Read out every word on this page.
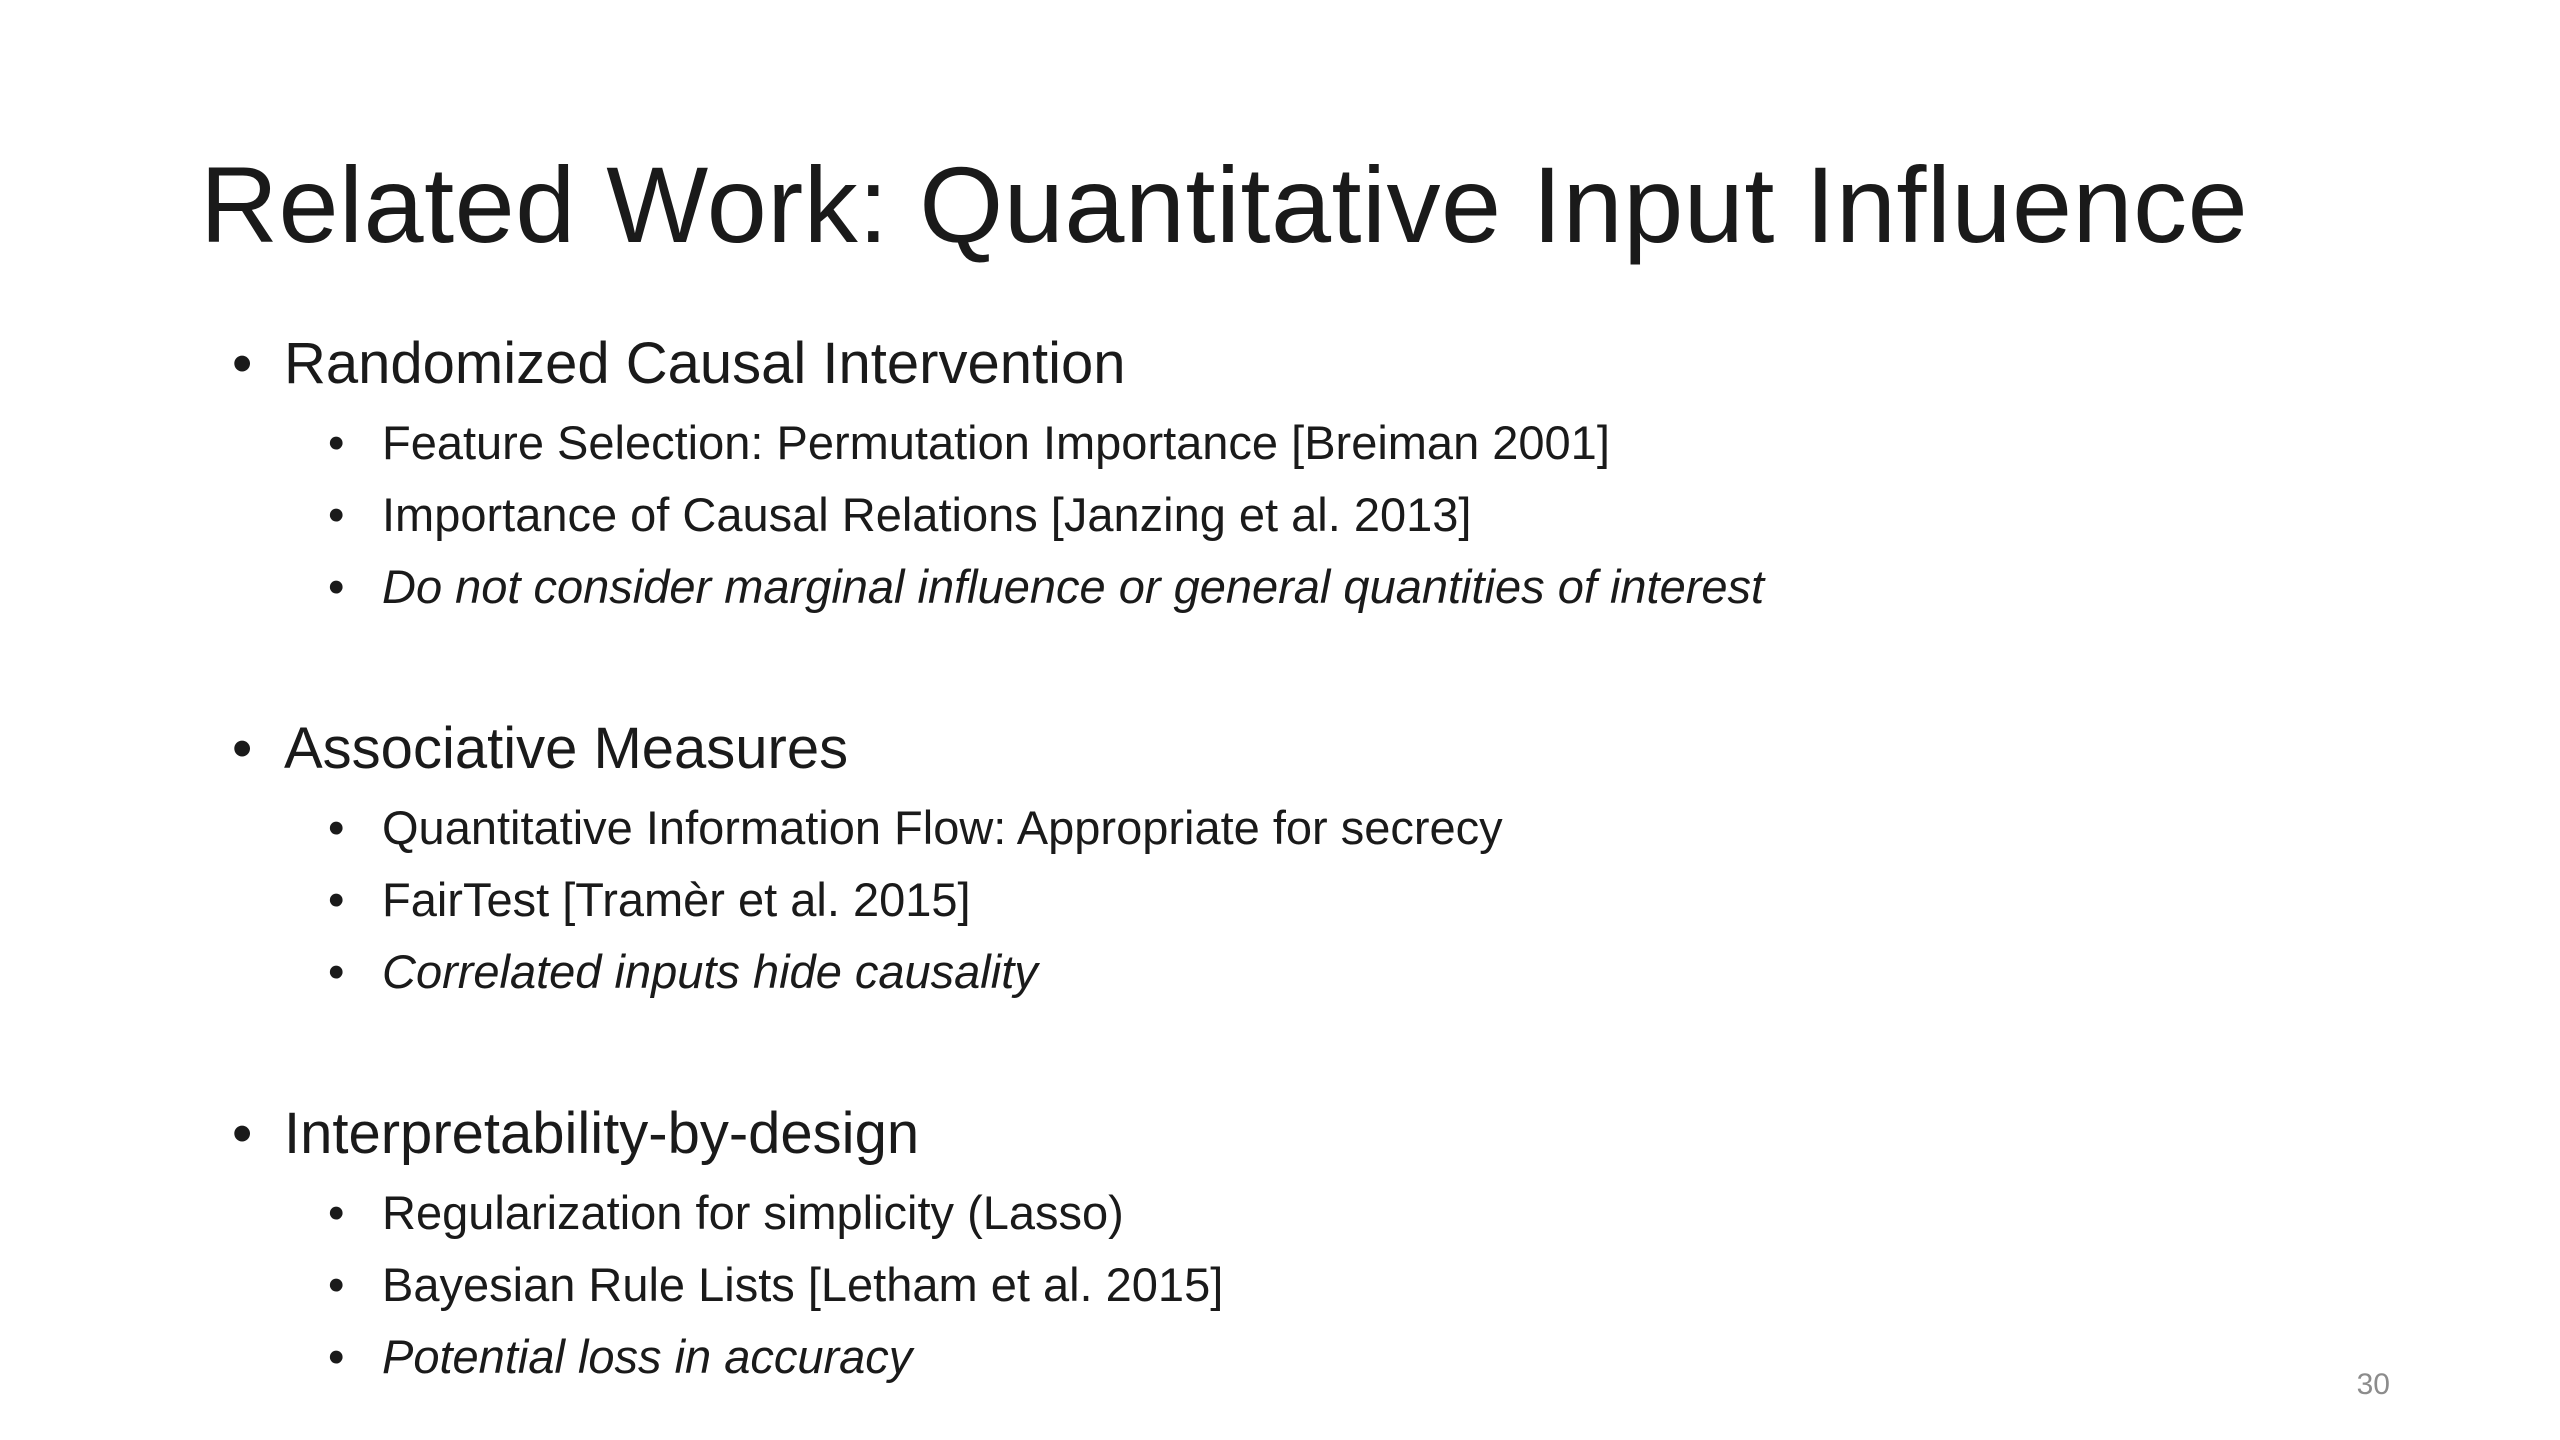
Related Work: Quantitative Input Influence
• Randomized Causal Intervention
• Feature Selection: Permutation Importance [Breiman 2001]
• Importance of Causal Relations [Janzing et al. 2013]
• Do not consider marginal influence or general quantities of interest
• Associative Measures
• Quantitative Information Flow: Appropriate for secrecy
• FairTest [Tramèr et al. 2015]
• Correlated inputs hide causality
• Interpretability-by-design
• Regularization for simplicity (Lasso)
• Bayesian Rule Lists [Letham et al. 2015]
• Potential loss in accuracy
30
